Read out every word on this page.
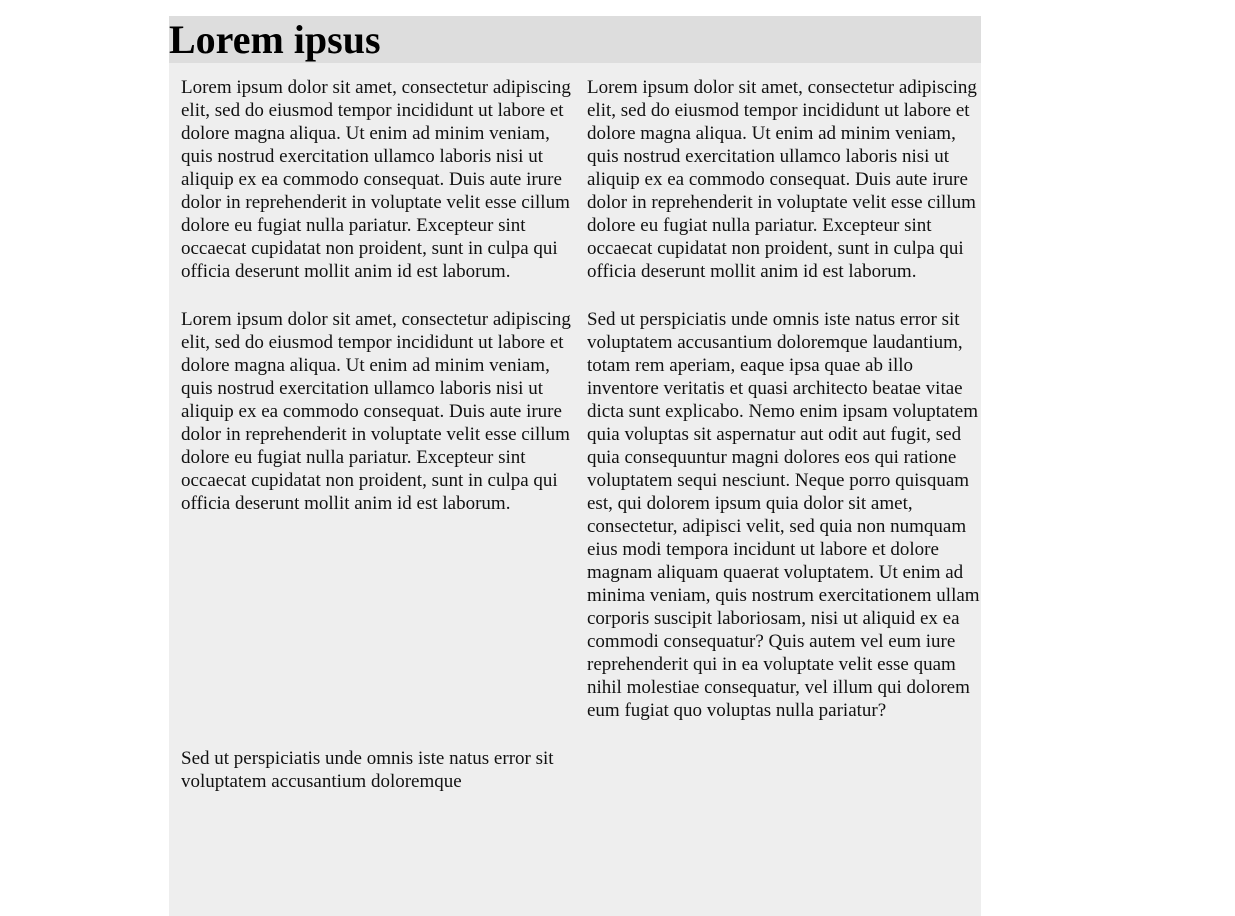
Lorem ipsus

Lorem ipsum dolor sit amet, consectetur adipiscing elit, sed do eiusmod tempor incididunt ut labore et dolore magna aliqua. Ut enim ad minim veniam, quis nostrud exercitation ullamco laboris nisi ut aliquip ex ea commodo consequat. Duis aute irure dolor in reprehenderit in voluptate velit esse cillum dolore eu fugiat nulla pariatur. Excepteur sint occaecat cupidatat non proident, sunt in culpa qui officia deserunt mollit anim id est laborum.

Lorem ipsum dolor sit amet, consectetur adipiscing elit, sed do eiusmod tempor incididunt ut labore et dolore magna aliqua. Ut enim ad minim veniam, quis nostrud exercitation ullamco laboris nisi ut aliquip ex ea commodo consequat. Duis aute irure dolor in reprehenderit in voluptate velit esse cillum dolore eu fugiat nulla pariatur. Excepteur sint occaecat cupidatat non proident, sunt in culpa qui officia deserunt mollit anim id est laborum.

Lorem ipsum dolor sit amet, consectetur adipiscing elit, sed do eiusmod tempor incididunt ut labore et dolore magna aliqua. Ut enim ad minim veniam, quis nostrud exercitation ullamco laboris nisi ut aliquip ex ea commodo consequat. Duis aute irure dolor in reprehenderit in voluptate velit esse cillum dolore eu fugiat nulla pariatur. Excepteur sint occaecat cupidatat non proident, sunt in culpa qui officia deserunt mollit anim id est laborum.

Sed ut perspiciatis unde omnis iste natus error sit voluptatem accusantium doloremque laudantium, totam rem aperiam, eaque ipsa quae ab illo inventore veritatis et quasi architecto beatae vitae dicta sunt explicabo. Nemo enim ipsam voluptatem quia voluptas sit aspernatur aut odit aut fugit, sed quia consequuntur magni dolores eos qui ratione voluptatem sequi nesciunt. Neque porro quisquam est, qui dolorem ipsum quia dolor sit amet, consectetur, adipisci velit, sed quia non numquam eius modi tempora incidunt ut labore et dolore magnam aliquam quaerat voluptatem. Ut enim ad minima veniam, quis nostrum exercitationem ullam corporis suscipit laboriosam, nisi ut aliquid ex ea commodi consequatur? Quis autem vel eum iure reprehenderit qui in ea voluptate velit esse quam nihil molestiae consequatur, vel illum qui dolorem eum fugiat quo voluptas nulla pariatur?

Sed ut perspiciatis unde omnis iste natus error sit voluptatem accusantium doloremque
